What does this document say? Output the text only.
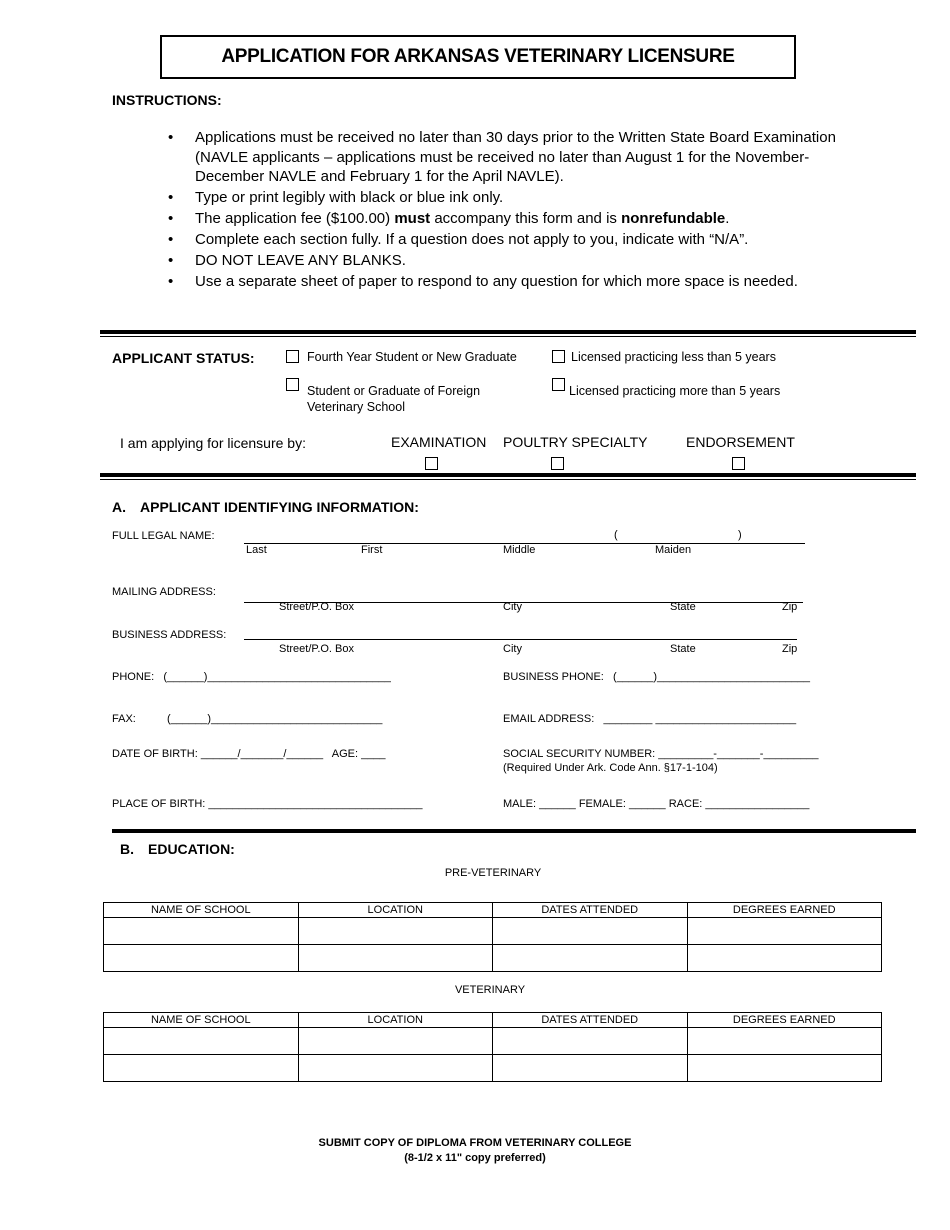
APPLICATION FOR ARKANSAS VETERINARY LICENSURE
INSTRUCTIONS:
• Applications must be received no later than 30 days prior to the Written State Board Examination (NAVLE applicants – applications must be received no later than August 1 for the November-December NAVLE and February 1 for the April NAVLE).
• Type or print legibly with black or blue ink only.
• The application fee ($100.00) must accompany this form and is nonrefundable.
• Complete each section fully. If a question does not apply to you, indicate with “N/A”.
• DO NOT LEAVE ANY BLANKS.
• Use a separate sheet of paper to respond to any question for which more space is needed.
APPLICANT STATUS:	Fourth Year Student or New Graduate	Licensed practicing less than 5 years
Student or Graduate of Foreign
Veterinary School
Licensed practicing more than 5 years
I am applying for licensure by:	EXAMINATION POULTRY SPECIALTY	ENDORSEMENT
A. APPLICANT IDENTIFYING INFORMATION:
FULL LEGAL NAME:	(	)
Last	First	Middle	Maiden
MAILING ADDRESS:
Street/P.O. Box	City	State	Zip
BUSINESS ADDRESS:
Street/P.O. Box	City	State	Zip
PHONE:   (______)______________________________	BUSINESS PHONE:   (______)_________________________
FAX:	(______)____________________________	EMAIL ADDRESS:   ________ _______________________
DATE OF BIRTH: ______/_______/______   AGE: ____	SOCIAL SECURITY NUMBER: _________-_______-_________
(Required Under Ark. Code Ann. §17-1-104)
PLACE OF BIRTH: ___________________________________	MALE: ______ FEMALE: ______ RACE: _________________
B. EDUCATION:
PRE-VETERINARY
NAME OF SCHOOL	LOCATION	DATES ATTENDED	DEGREES EARNED

VETERINARY
NAME OF SCHOOL	LOCATION	DATES ATTENDED	DEGREES EARNED

SUBMIT COPY OF DIPLOMA FROM VETERINARY COLLEGE
(8-1/2 x 11" copy preferred)
